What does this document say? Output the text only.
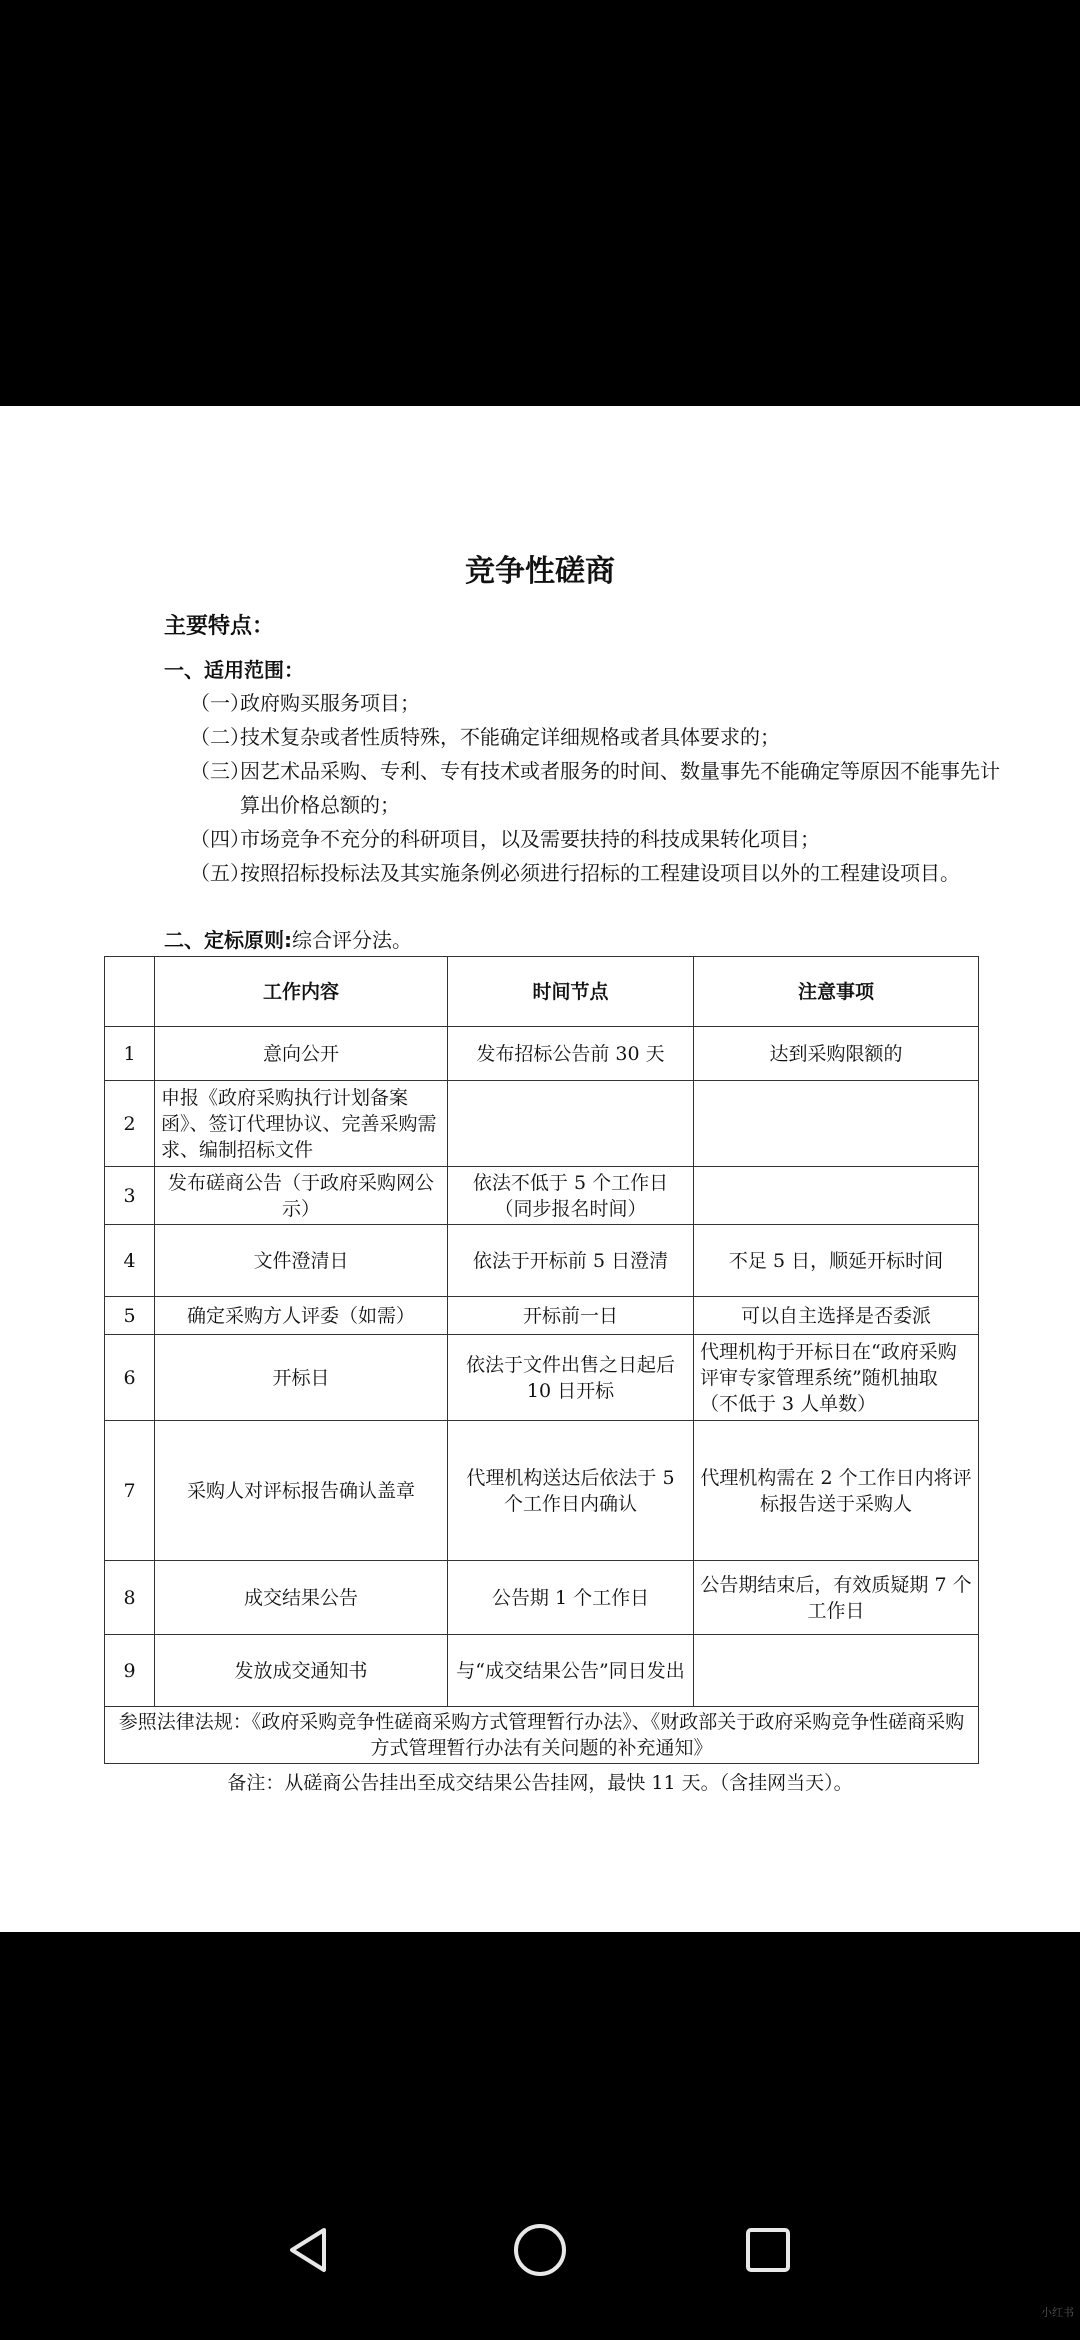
竞争性磋商
主要特点：
一、适用范围：
（一）政府购买服务项目；
（二）技术复杂或者性质特殊，不能确定详细规格或者具体要求的；
（三）因艺术品采购、专利、专有技术或者服务的时间、数量事先不能确定等原因不能事先计算出价格总额的；
（四）市场竞争不充分的科研项目，以及需要扶持的科技成果转化项目；
（五）按照招标投标法及其实施条例必须进行招标的工程建设项目以外的工程建设项目。
二、定标原则:综合评分法。
	工作内容	时间节点	注意事项
1	意向公开	发布招标公告前 30 天	达到采购限额的
2	申报《政府采购执行计划备案函》、签订代理协议、完善采购需求、编制招标文件		
3	发布磋商公告（于政府采购网公示）	依法不低于 5 个工作日（同步报名时间）	
4	文件澄清日	依法于开标前 5 日澄清	不足 5 日，顺延开标时间
5	确定采购方人评委（如需）	开标前一日	可以自主选择是否委派
6	开标日	依法于文件出售之日起后 10 日开标	代理机构于开标日在“政府采购评审专家管理系统”随机抽取（不低于 3 人单数）
7	采购人对评标报告确认盖章	代理机构送达后依法于 5 个工作日内确认	代理机构需在 2 个工作日内将评标报告送于采购人
8	成交结果公告	公告期 1 个工作日	公告期结束后，有效质疑期 7 个工作日
9	发放成交通知书	与“成交结果公告”同日发出	
参照法律法规：《政府采购竞争性磋商采购方式管理暂行办法》、《财政部关于政府采购竞争性磋商采购方式管理暂行办法有关问题的补充通知》			
备注：从磋商公告挂出至成交结果公告挂网，最快 11 天。（含挂网当天）。
小红书
